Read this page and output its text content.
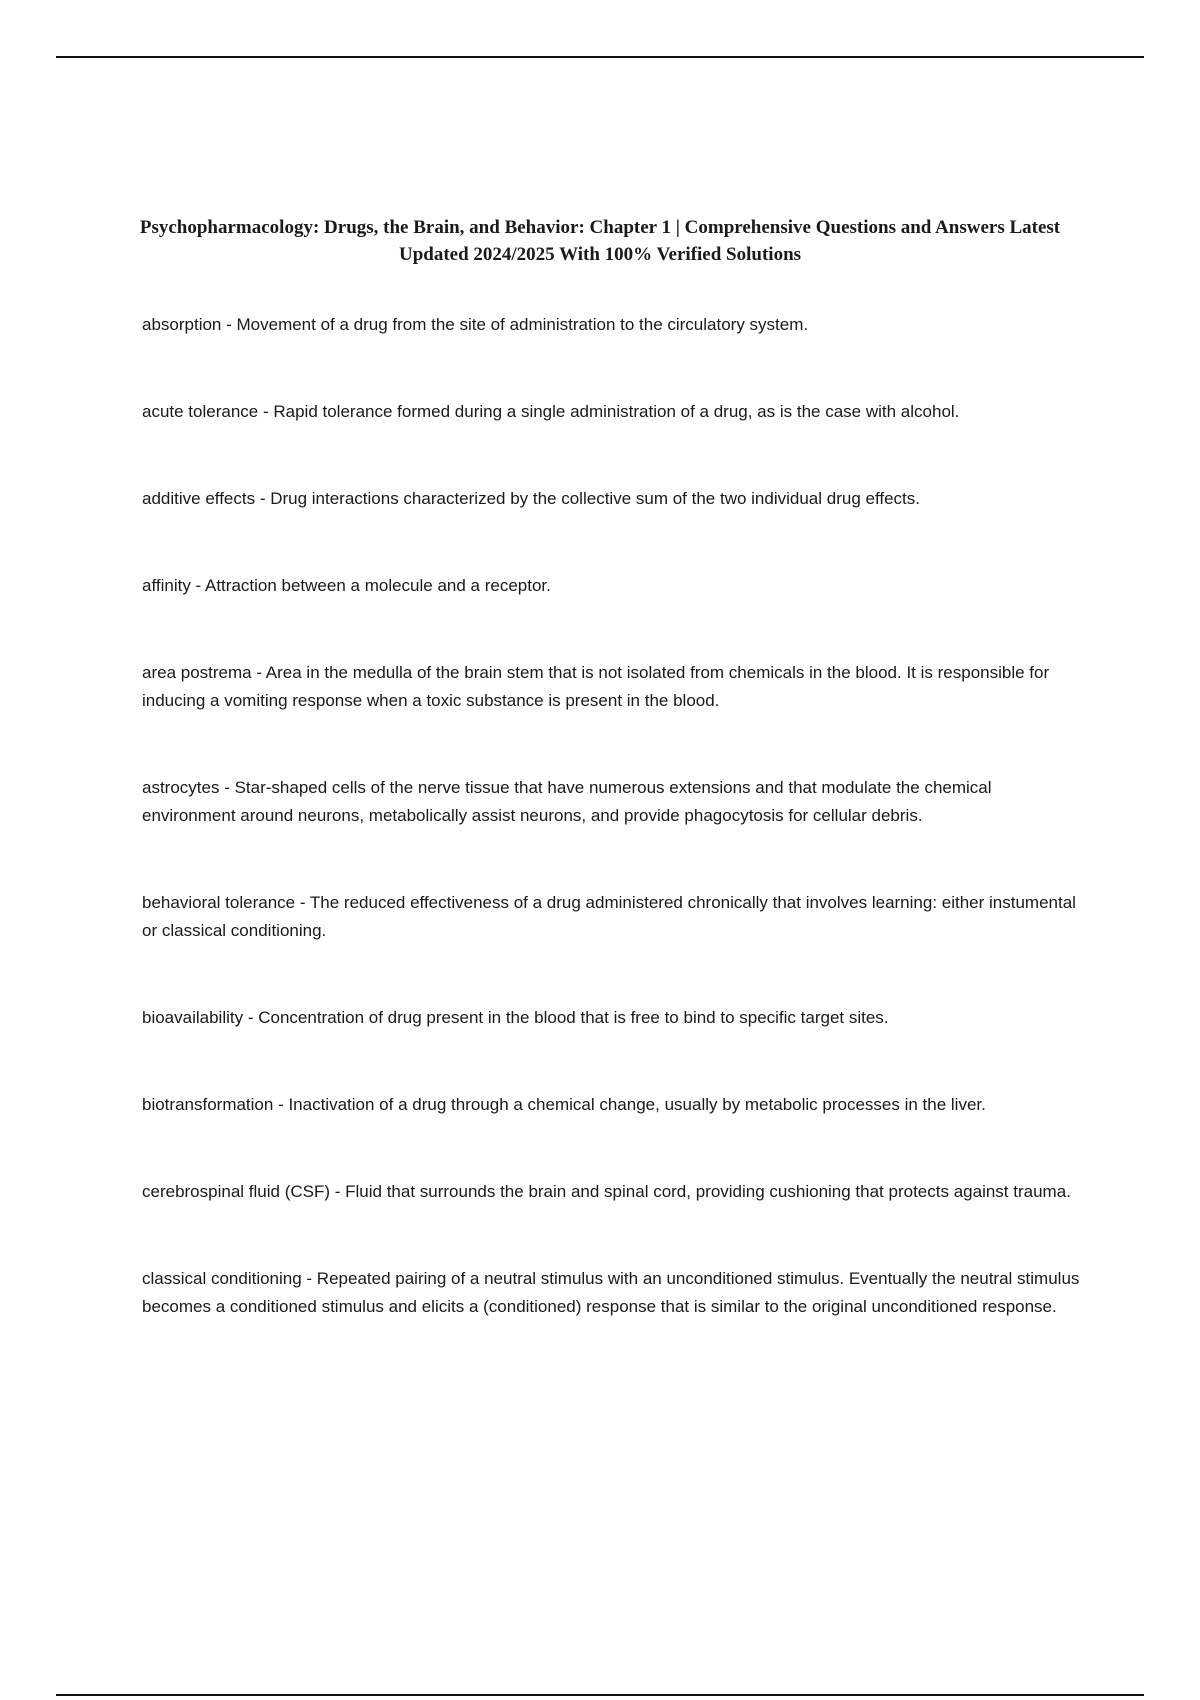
Psychopharmacology: Drugs, the Brain, and Behavior: Chapter 1 | Comprehensive Questions and Answers Latest Updated 2024/2025 With 100% Verified Solutions
absorption - Movement of a drug from the site of administration to the circulatory system.
acute tolerance - Rapid tolerance formed during a single administration of a drug, as is the case with alcohol.
additive effects - Drug interactions characterized by the collective sum of the two individual drug effects.
affinity - Attraction between a molecule and a receptor.
area postrema - Area in the medulla of the brain stem that is not isolated from chemicals in the blood. It is responsible for inducing a vomiting response when a toxic substance is present in the blood.
astrocytes - Star-shaped cells of the nerve tissue that have numerous extensions and that modulate the chemical environment around neurons, metabolically assist neurons, and provide phagocytosis for cellular debris.
behavioral tolerance - The reduced effectiveness of a drug administered chronically that involves learning: either instumental or classical conditioning.
bioavailability - Concentration of drug present in the blood that is free to bind to specific target sites.
biotransformation - Inactivation of a drug through a chemical change, usually by metabolic processes in the liver.
cerebrospinal fluid (CSF) - Fluid that surrounds the brain and spinal cord, providing cushioning that protects against trauma.
classical conditioning - Repeated pairing of a neutral stimulus with an unconditioned stimulus. Eventually the neutral stimulus becomes a conditioned stimulus and elicits a (conditioned) response that is similar to the original unconditioned response.
